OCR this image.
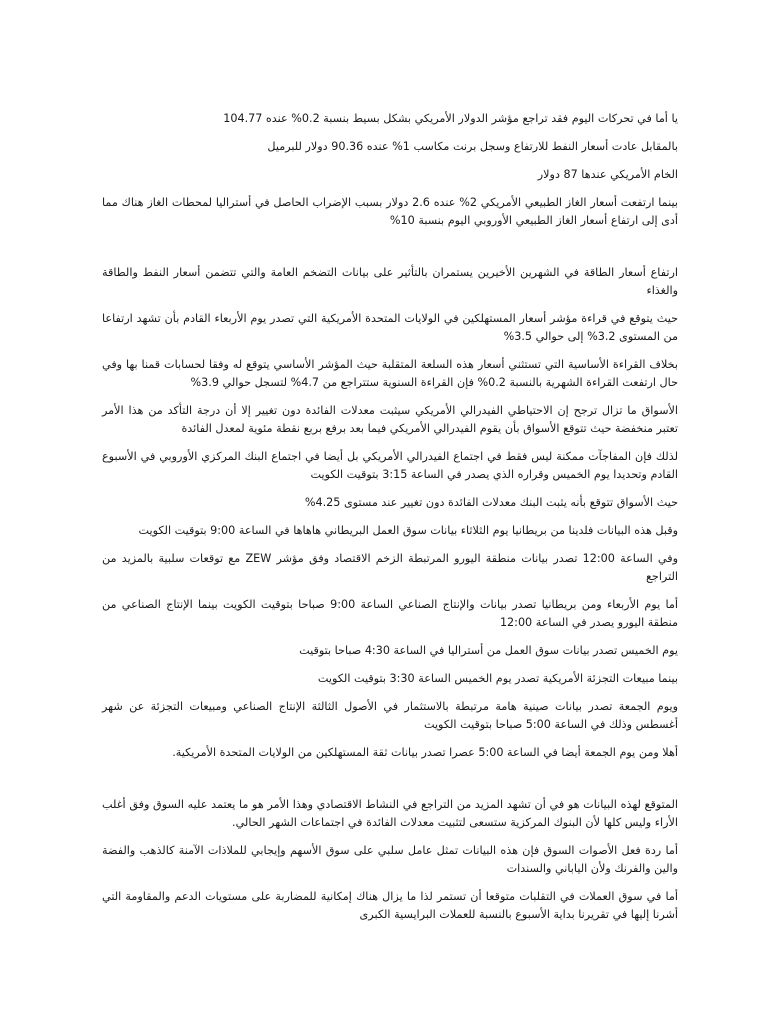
يا أما في تحركات اليوم فقد تراجع مؤشر الدولار الأمريكي بشكل بسيط بنسبة 0.2% عنده 104.77

بالمقابل عادت أسعار النفط للارتفاع وسجل برنت مكاسب 1% عنده 90.36 دولار للبرميل

الخام الأمريكي عندها 87 دولار

بينما ارتفعت أسعار الغاز الطبيعي الأمريكي 2% عنده 2.6 دولار بسبب الإضراب الحاصل في أستراليا لمحطات الغاز هناك مما أدى إلى ارتفاع أسعار الغاز الطبيعي الأوروبي اليوم بنسبة 10%

ارتفاع أسعار الطاقة في الشهرين الأخيرين يستمران بالتأثير على بيانات التضخم العامة والتي تتضمن أسعار النفط والطاقة والغذاء

حيث يتوقع في قراءة مؤشر أسعار المستهلكين في الولايات المتحدة الأمريكية التي تصدر يوم الأربعاء القادم بأن تشهد ارتفاعا من المستوى 3.2% إلى حوالي 3.5%

بخلاف القراءة الأساسية التي تستثني أسعار هذه السلعة المتقلبة حيث المؤشر الأساسي يتوقع له وفقا لحسابات قمنا بها وفي حال ارتفعت القراءة الشهرية بالنسبة 0.2% فإن القراءة السنوية ستتراجع من 4.7% لتسجل حوالي 3.9%

الأسواق ما تزال ترجح إن الاحتياطي الفيدرالي الأمريكي سيثبت معدلات الفائدة دون تغيير إلا أن درجة التأكد من هذا الأمر تعتبر منخفضة حيث تتوقع الأسواق بأن يقوم الفيدرالي الأمريكي فيما بعد برفع بربع نقطة مئوية لمعدل الفائدة

لذلك فإن المفاجآت ممكنة ليس فقط في اجتماع الفيدرالي الأمريكي بل أيضا في اجتماع البنك المركزي الأوروبي في الأسبوع القادم وتحديدا يوم الخميس وقراره الذي يصدر في الساعة 3:15 بتوقيت الكويت

حيث الأسواق تتوقع بأنه يثبت البنك معدلات الفائدة دون تغيير عند مستوى 4.25%

وقبل هذه البيانات فلدينا من بريطانيا يوم الثلاثاء بيانات سوق العمل البريطاني هاهاها في الساعة 9:00 بتوقيت الكويت

وفي الساعة 12:00 تصدر بيانات منطقة اليورو المرتبطة الزخم الاقتصاد وفق مؤشر ZEW مع توقعات سلبية بالمزيد من التراجع

أما يوم الأربعاء ومن بريطانيا تصدر بيانات والإنتاج الصناعي الساعة 9:00 صباحا بتوقيت الكويت بينما الإنتاج الصناعي من منطقة اليورو يصدر في الساعة 12:00

يوم الخميس تصدر بيانات سوق العمل من أستراليا في الساعة 4:30 صباحا بتوقيت

بينما مبيعات التجزئة الأمريكية تصدر يوم الخميس الساعة 3:30 بتوقيت الكويت

ويوم الجمعة تصدر بيانات صينية هامة مرتبطة بالاستثمار في الأصول الثالثة الإنتاج الصناعي ومبيعات التجزئة عن شهر أغسطس وذلك في الساعة 5:00 صباحا بتوقيت الكويت

أهلا ومن يوم الجمعة أيضا في الساعة 5:00 عصرا تصدر بيانات ثقة المستهلكين من الولايات المتحدة الأمريكية.

المتوقع لهذه البيانات هو في أن تشهد المزيد من التراجع في النشاط الاقتصادي وهذا الأمر هو ما يعتمد عليه السوق وفق أغلب الأراء وليس كلها لأن البنوك المركزية ستسعى لتثبيت معدلات الفائدة في اجتماعات الشهر الحالي.

أما ردة فعل الأصوات السوق فإن هذه البيانات تمثل عامل سلبي على سوق الأسهم وإيجابي للملاذات الآمنة كالذهب والفضة والين والفرنك ولأن الياباني والسندات

أما في سوق العملات في التقلبات متوقعا أن تستمر لذا ما يزال هناك إمكانية للمضاربة على مستويات الدعم والمقاومة التي أشرنا إليها في تقريرنا بداية الأسبوع بالنسبة للعملات البرايسية الكبرى
